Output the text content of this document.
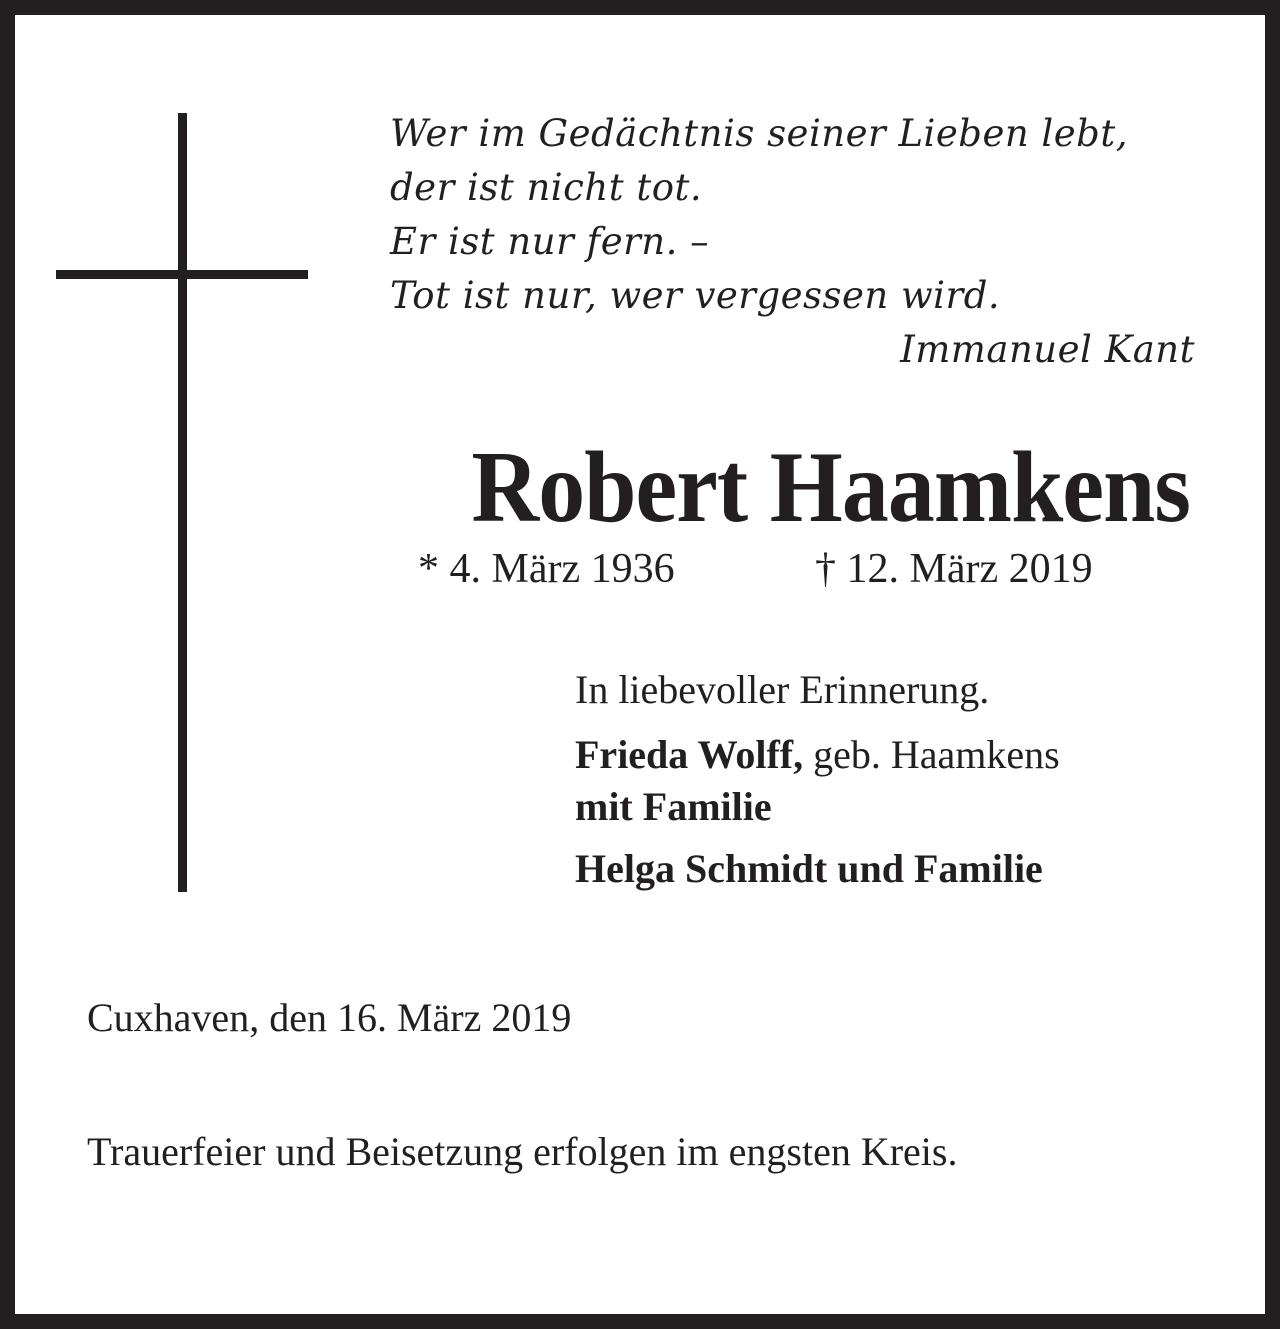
Wer im Gedächtnis seiner Lieben lebt,
der ist nicht tot.
Er ist nur fern. –
Tot ist nur, wer vergessen wird.
Immanuel Kant
Robert Haamkens
* 4. März 1936	† 12. März 2019
In liebevoller Erinnerung.
Frieda Wolff, geb. Haamkens
mit Familie
Helga Schmidt und Familie
Cuxhaven, den 16. März 2019
Trauerfeier und Beisetzung erfolgen im engsten Kreis.
